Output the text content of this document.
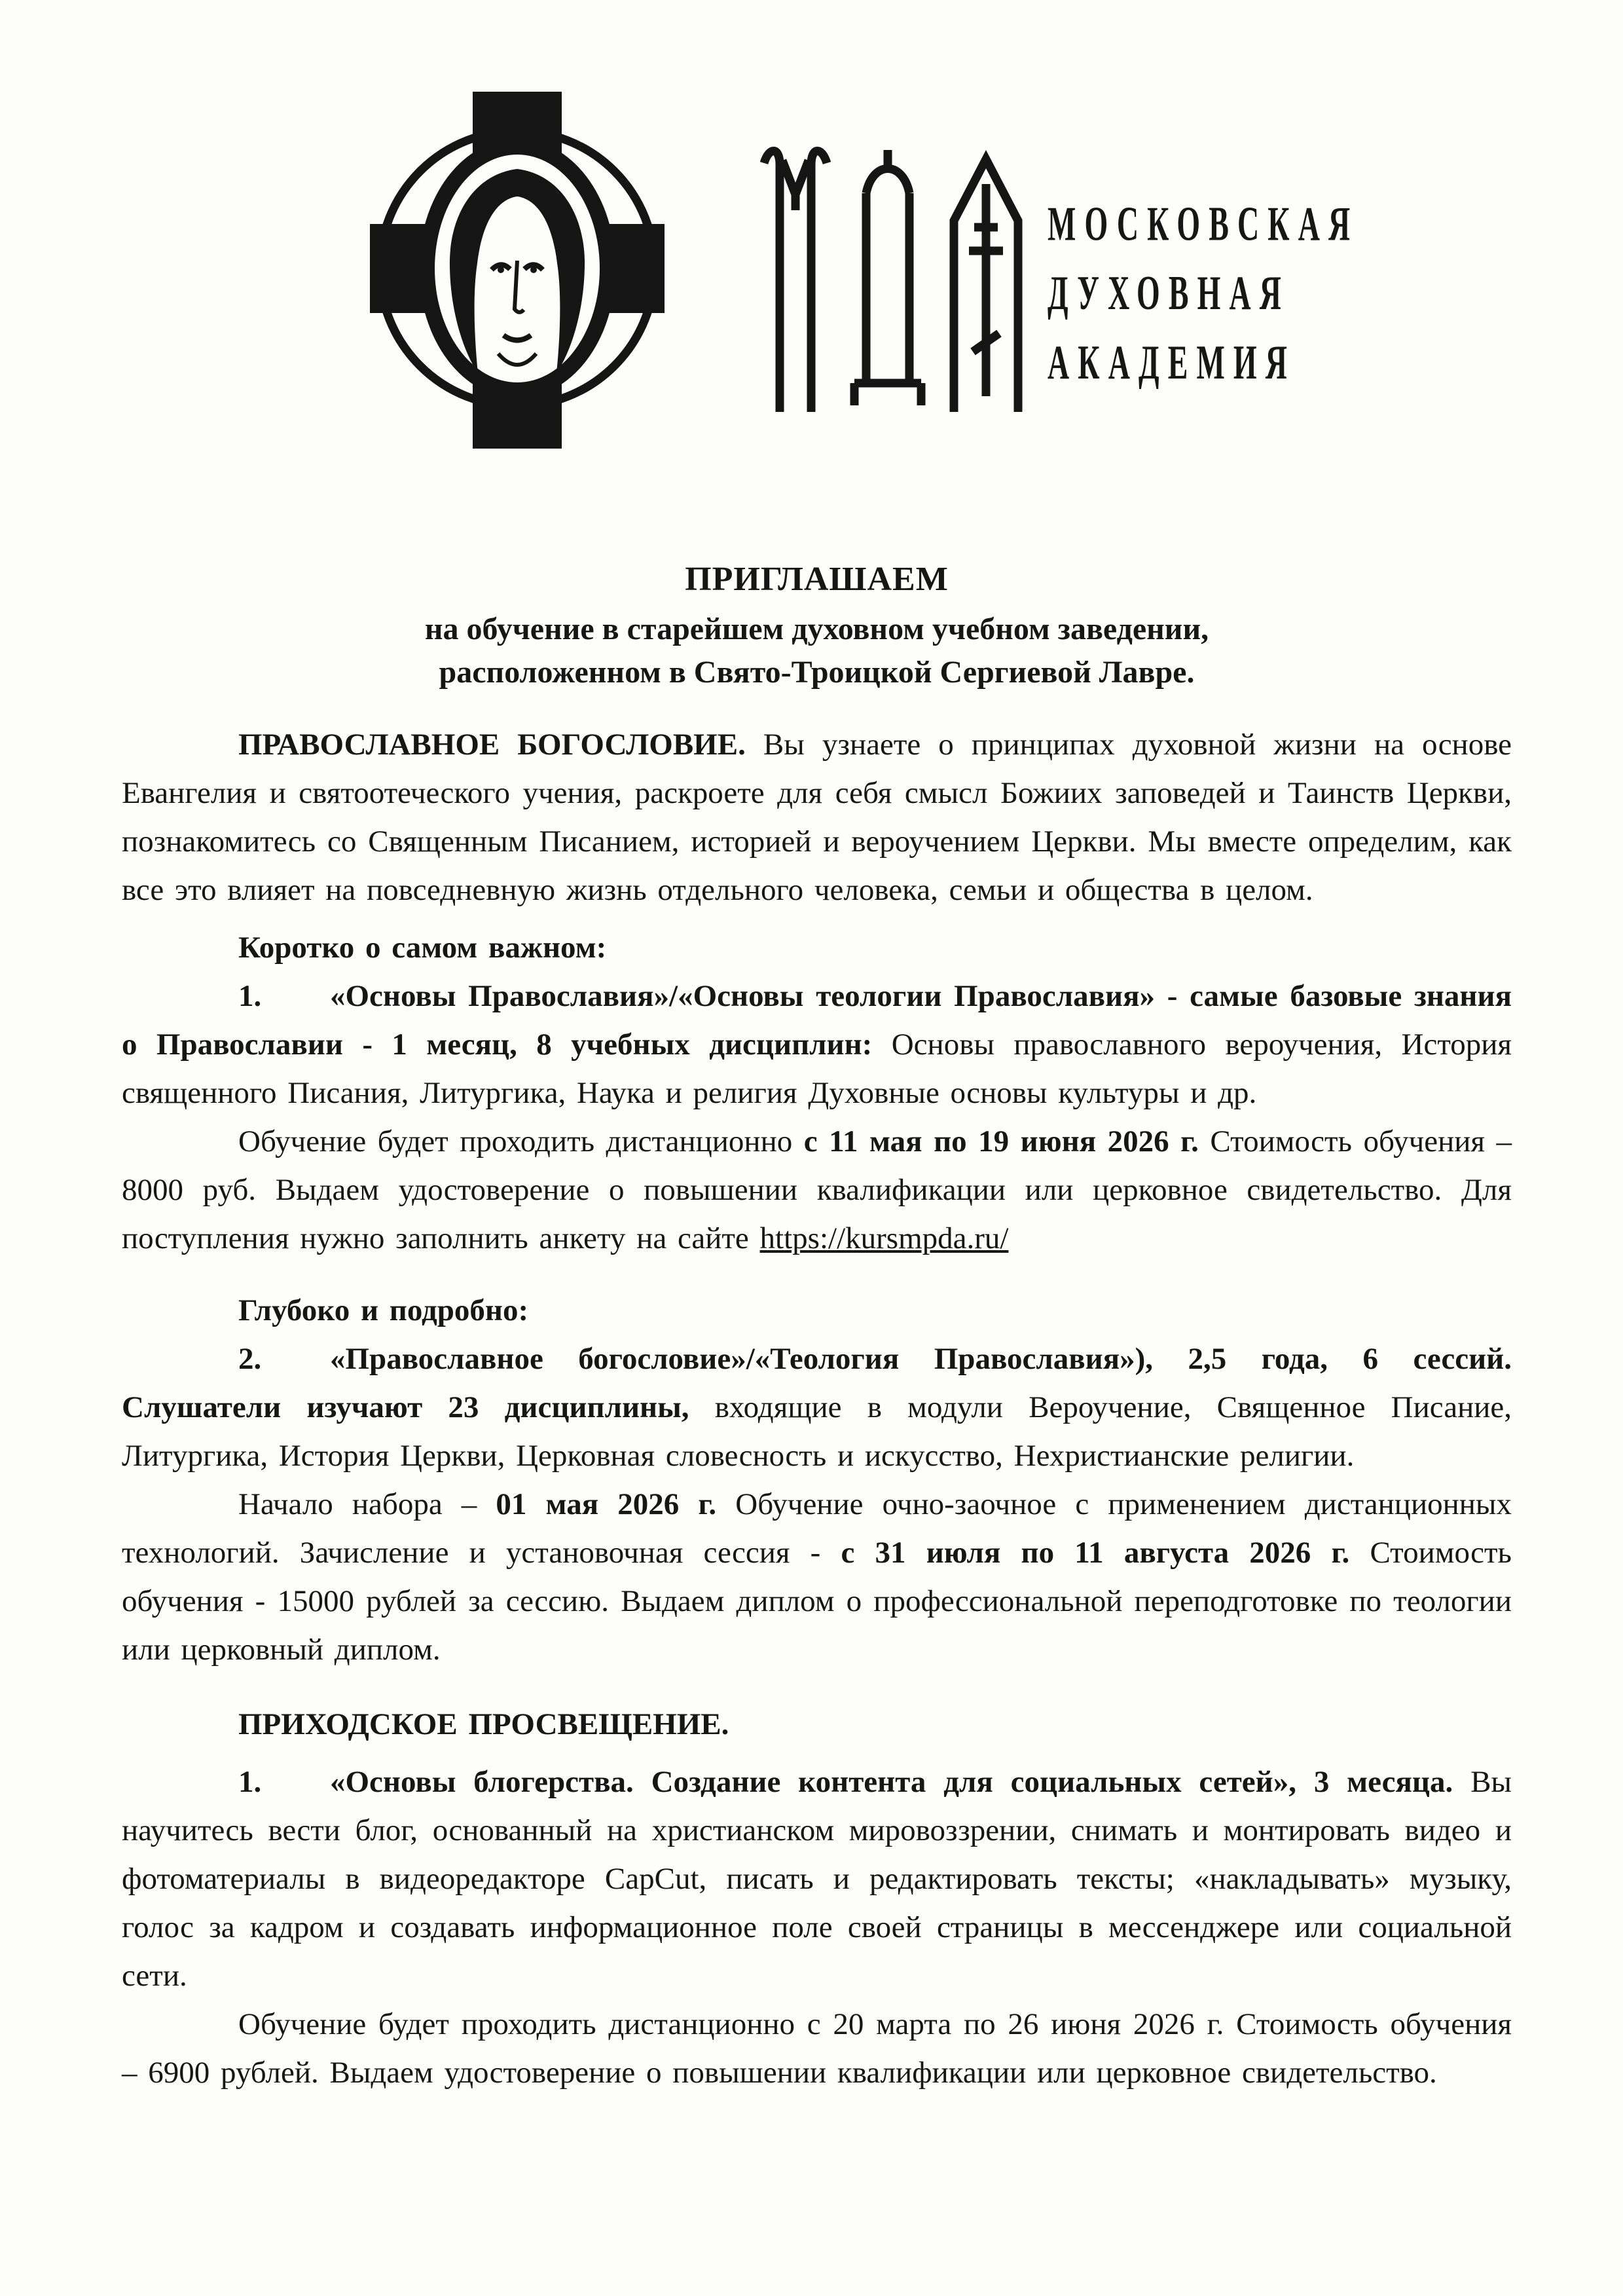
МОСКОВСКАЯ
ДУХОВНАЯ
АКАДЕМИЯ
ПРИГЛАШАЕМ
на обучение в старейшем духовном учебном заведении,
расположенном в Свято-Троицкой Сергиевой Лавре.

ПРАВОСЛАВНОЕ БОГОСЛОВИЕ. Вы узнаете о принципах духовной жизни на основе Евангелия и святоотеческого учения, раскроете для себя смысл Божиих заповедей и Таинств Церкви, познакомитесь со Священным Писанием, историей и вероучением Церкви. Мы вместе определим, как все это влияет на повседневную жизнь отдельного человека, семьи и общества в целом.

Коротко о самом важном:

1. «Основы Православия»/«Основы теологии Православия» - самые базовые знания о Православии - 1 месяц, 8 учебных дисциплин: Основы православного вероучения, История священного Писания, Литургика, Наука и религия Духовные основы культуры и др.

Обучение будет проходить дистанционно с 11 мая по 19 июня 2026 г. Стоимость обучения – 8000 руб. Выдаем удостоверение о повышении квалификации или церковное свидетельство. Для поступления нужно заполнить анкету на сайте https://kursmpda.ru/

Глубоко и подробно:

2. «Православное богословие»/«Теология Православия»), 2,5 года, 6 сессий. Слушатели изучают 23 дисциплины, входящие в модули Вероучение, Священное Писание, Литургика, История Церкви, Церковная словесность и искусство, Нехристианские религии.

Начало набора – 01 мая 2026 г. Обучение очно-заочное с применением дистанционных технологий. Зачисление и установочная сессия - с 31 июля по 11 августа 2026 г. Стоимость обучения - 15000 рублей за сессию. Выдаем диплом о профессиональной переподготовке по теологии или церковный диплом.

ПРИХОДСКОЕ ПРОСВЕЩЕНИЕ.

1. «Основы блогерства. Создание контента для социальных сетей», 3 месяца. Вы научитесь вести блог, основанный на христианском мировоззрении, снимать и монтировать видео и фотоматериалы в видеоредакторе CapCut, писать и редактировать тексты; «накладывать» музыку, голос за кадром и создавать информационное поле своей страницы в мессенджере или социальной сети.

Обучение будет проходить дистанционно с 20 марта по 26 июня 2026 г. Стоимость обучения – 6900 рублей. Выдаем удостоверение о повышении квалификации или церковное свидетельство.
